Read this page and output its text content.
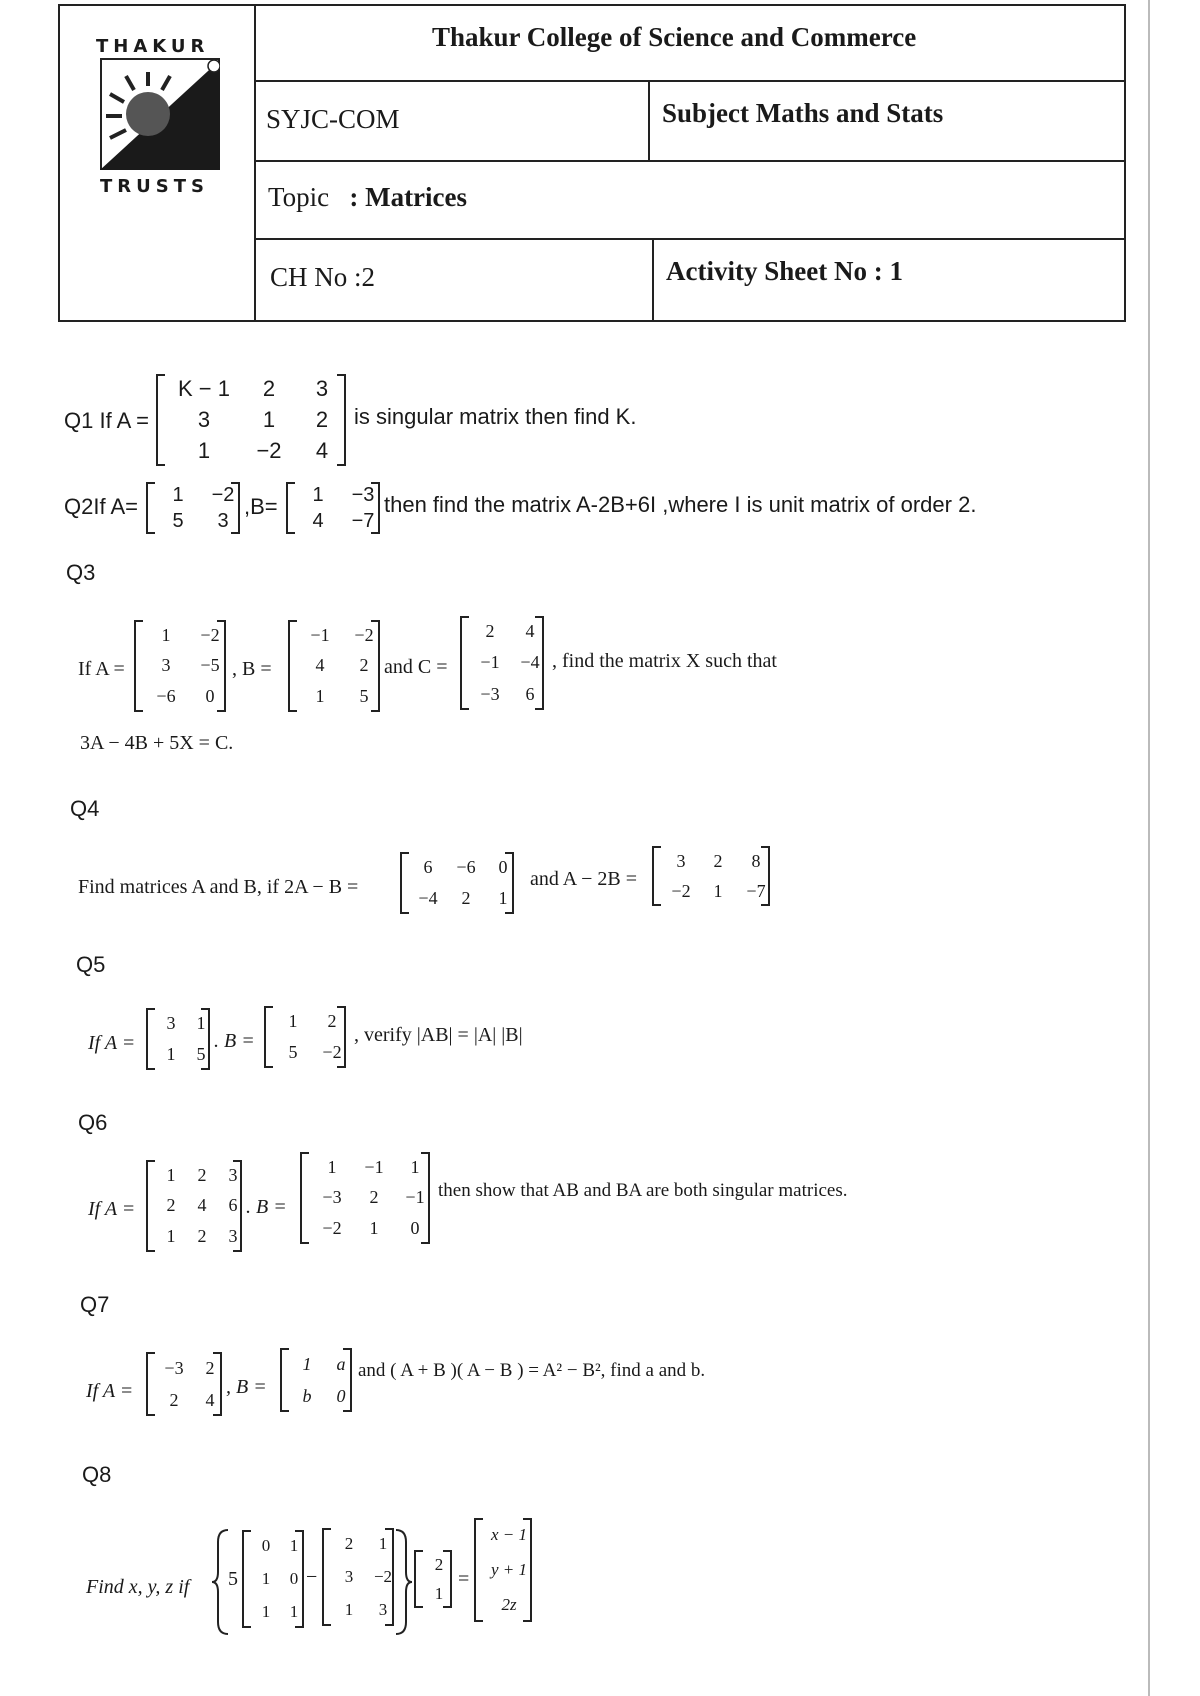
THAKUR
TRUSTS
Thakur College of Science and Commerce
SYJC-COM	Subject Maths and Stats
Topic : Matrices
CH No :2	Activity Sheet No : 1
Q1 If A =
K − 1	2	3
3	1	2
1	−2	4
is singular matrix then find K.
Q2If A=	1	−2
5	3
,B=	1	−3
4	−7
then find the matrix A-2B+6I ,where I is unit matrix of order 2.
Q3
If A =
1	−2
3	−5
−6	0
, B =
−1	−2
4	2
1	5
and C =
2	4
−1	−4
−3	6
, find the matrix X such that
3A − 4B + 5X = C.
Q4
Find matrices A and B, if 2A − B =
6	−6	0
−4	2	1
and A − 2B =
3	2	8
−2	1	−7
Q5
If A =
3	1
1	5
. B =
1	2
5	−2
, verify |AB| = |A| |B|
Q6
If A =
1	2	3
2	4	6
1	2	3
. B =
1	−1	1
−3	2	−1
−2	1	0
then show that AB and BA are both singular matrices.
Q7
If A =
−3	2
2	4
, B =
1	a
b	0
and ( A + B )( A − B ) = A² − B², find a and b.
Q8
Find x, y, z if 5
0	1
1	0
1	1
−
2	1
3	−2
1	3
2
1
=
x − 1
y + 1
2z
